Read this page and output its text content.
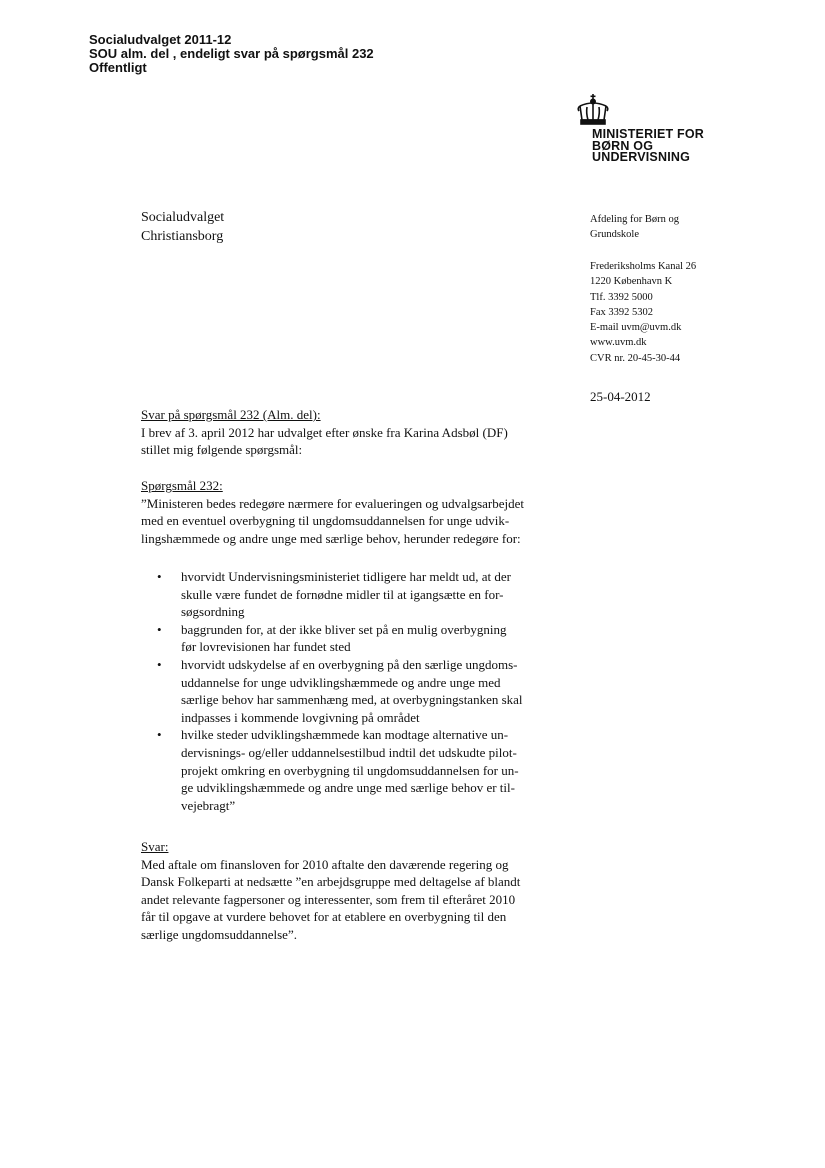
Socialudvalget 2011-12
SOU alm. del , endeligt svar på spørgsmål 232
Offentligt
MINISTERIET FOR
BØRN OG
UNDERVISNING
Socialudvalget
Christiansborg
Afdeling for Børn og
Grundskole
Frederiksholms Kanal 26
1220 København K
Tlf. 3392 5000
Fax 3392 5302
E-mail uvm@uvm.dk
www.uvm.dk
CVR nr. 20-45-30-44
25-04-2012
Svar på spørgsmål 232 (Alm. del):
I brev af 3. april 2012 har udvalget efter ønske fra Karina Adsbøl (DF)
stillet mig følgende spørgsmål:
Spørgsmål 232:
”Ministeren bedes redegøre nærmere for evalueringen og udvalgsarbejdet
med en eventuel overbygning til ungdomsuddannelsen for unge udvik-
lingshæmmede og andre unge med særlige behov, herunder redegøre for:
• hvorvidt Undervisningsministeriet tidligere har meldt ud, at der
skulle være fundet de fornødne midler til at igangsætte en for-
søgsordning
• baggrunden for, at der ikke bliver set på en mulig overbygning
før lovrevisionen har fundet sted
• hvorvidt udskydelse af en overbygning på den særlige ungdoms-
uddannelse for unge udviklingshæmmede og andre unge med
særlige behov har sammenhæng med, at overbygningstanken skal
indpasses i kommende lovgivning på området
• hvilke steder udviklingshæmmede kan modtage alternative un-
dervisnings- og/eller uddannelsestilbud indtil det udskudte pilot-
projekt omkring en overbygning til ungdomsuddannelsen for un-
ge udviklingshæmmede og andre unge med særlige behov er til-
vejebragt”
Svar:
Med aftale om finansloven for 2010 aftalte den daværende regering og
Dansk Folkeparti at nedsætte ”en arbejdsgruppe med deltagelse af blandt
andet relevante fagpersoner og interessenter, som frem til efteråret 2010
får til opgave at vurdere behovet for at etablere en overbygning til den
særlige ungdomsuddannelse”.
